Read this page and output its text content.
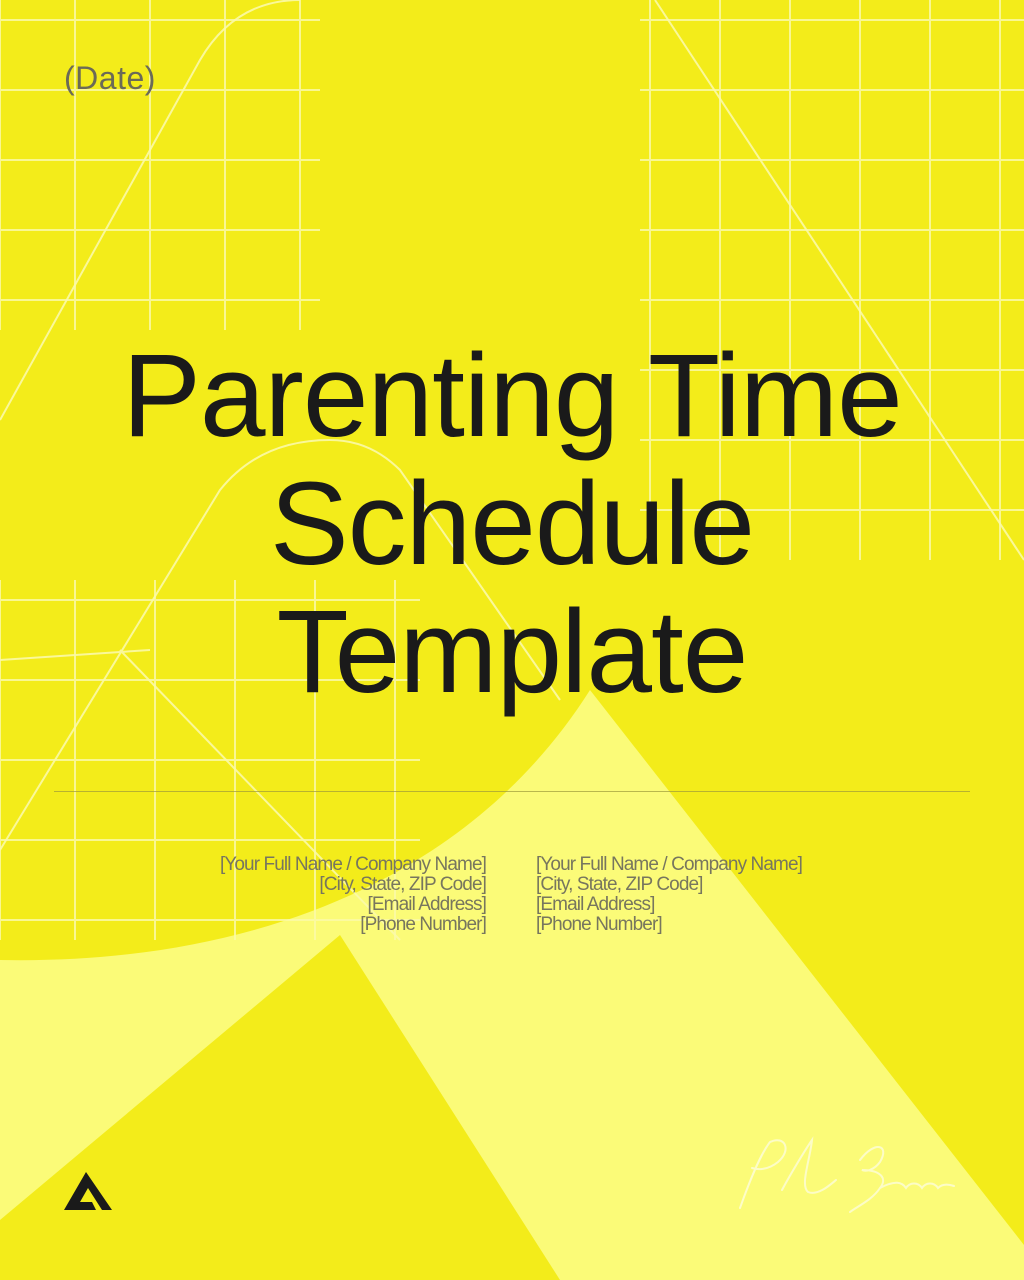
(Date)
Parenting Time
Schedule
Template
[Your Full Name / Company Name]
[City, State, ZIP Code]
[Email Address]
[Phone Number]
[Your Full Name / Company Name]
[City, State, ZIP Code]
[Email Address]
[Phone Number]
